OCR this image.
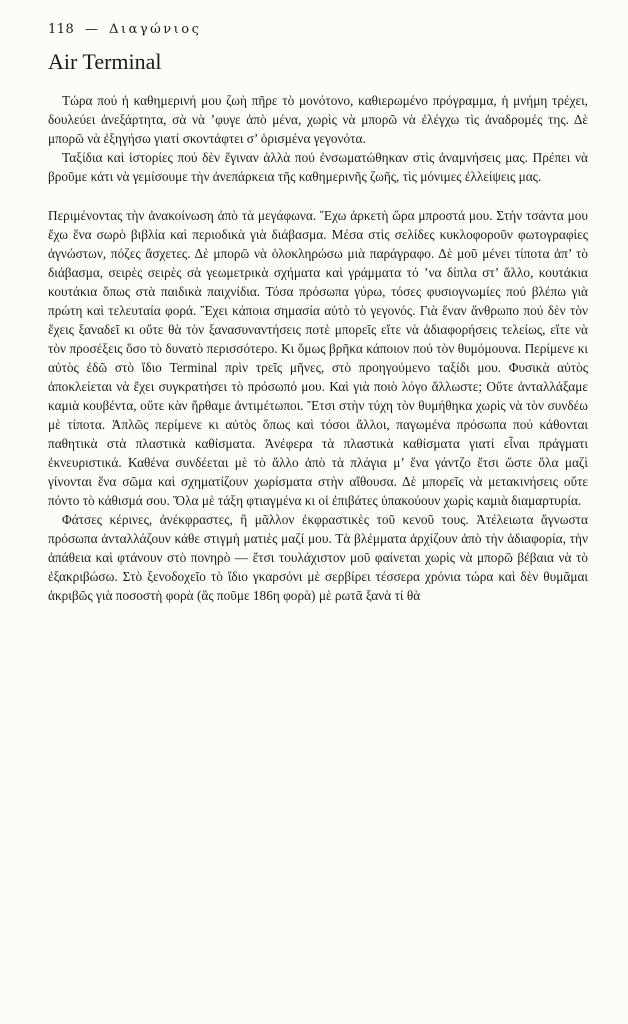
118 — Διαγώνιος
Air Terminal

Τώρα πού ἡ καθημερινή μου ζωὴ πῆρε τὸ μονότονο, καθιερωμένο πρόγραμμα, ἡ μνήμη τρέχει, δουλεύει ἀνεξάρτητα, σὰ νὰ ’φυγε ἀπὸ μένα, χωρὶς νὰ μπορῶ νὰ ἐλέγχω τὶς ἀναδρομές της. Δὲ μπορῶ νὰ ἐξηγήσω γιατί σκοντάφτει σ’ ὁρισμένα γεγονότα.

Ταξίδια καὶ ἱστορίες πού δὲν ἔγιναν ἀλλὰ πού ἐνσωματώθηκαν στὶς ἀναμνήσεις μας. Πρέπει νὰ βροῦμε κάτι νὰ γεμίσουμε τὴν ἀνεπάρκεια τῆς καθημερινῆς ζωῆς, τὶς μόνιμες ἐλλείψεις μας.

Περιμένοντας τὴν ἀνακοίνωση ἀπὸ τὰ μεγάφωνα. Ἔχω ἀρκετὴ ὥρα μπροστά μου. Στὴν τσάντα μου ἔχω ἕνα σωρὸ βιβλία καὶ περιοδικὰ γιὰ διάβασμα. Μέσα στὶς σελίδες κυκλοφοροῦν φωτογραφίες ἀγνώστων, πόζες ἄσχετες. Δὲ μπορῶ νὰ ὁλοκληρώσω μιὰ παράγραφο. Δὲ μοῦ μένει τίποτα ἀπ’ τὸ διάβασμα, σειρὲς σειρὲς σὰ γεωμετρικὰ σχήματα καὶ γράμματα τό ’να δίπλα στ’ ἄλλο, κουτάκια κουτάκια ὅπως στὰ παιδικὰ παιχνίδια. Τόσα πρόσωπα γύρω, τόσες φυσιογνωμίες πού βλέπω γιὰ πρώτη καὶ τελευταία φορά. Ἔχει κάποια σημασία αὐτὸ τὸ γεγονός. Γιὰ ἕναν ἄνθρωπο πού δὲν τὸν ἔχεις ξαναδεῖ κι οὔτε θὰ τὸν ξανασυναντήσεις ποτὲ μπορεῖς εἴτε νὰ ἀδιαφορήσεις τελείως, εἴτε νὰ τὸν προσέξεις ὅσο τὸ δυνατὸ περισσότερο. Κι ὅμως βρῆκα κάποιον πού τὸν θυμόμουνα. Περίμενε κι αὐτὸς ἐδῶ στὸ ἴδιο Terminal πρὶν τρεῖς μῆνες, στὸ προηγούμενο ταξίδι μου. Φυσικὰ αὐτὸς ἀποκλείεται νὰ ἔχει συγκρατήσει τὸ πρόσωπό μου. Καὶ γιὰ ποιὸ λόγο ἄλλωστε; Οὔτε ἀνταλλάξαμε καμιὰ κουβέντα, οὔτε κὰν ἤρθαμε ἀντιμέτωποι. Ἔτσι στὴν τύχη τὸν θυμήθηκα χωρὶς νὰ τὸν συνδέω μὲ τίποτα. Ἁπλῶς περίμενε κι αὐτὸς ὅπως καὶ τόσοι ἄλλοι, παγωμένα πρόσωπα πού κάθονται παθητικὰ στὰ πλαστικὰ καθίσματα. Ἀνέφερα τὰ πλαστικὰ καθίσματα γιατί εἶναι πράγματι ἐκνευριστικά. Καθένα συνδέεται μὲ τὸ ἄλλο ἀπὸ τὰ πλάγια μ’ ἕνα γάντζο ἔτσι ὥστε ὅλα μαζὶ γίνονται ἕνα σῶμα καὶ σχηματίζουν χωρίσματα στὴν αἴθουσα. Δὲ μπορεῖς νὰ μετακινήσεις οὔτε πόντο τὸ κάθισμά σου. Ὅλα μὲ τάξη φτιαγμένα κι οἱ ἐπιβάτες ὑπακούουν χωρὶς καμιὰ διαμαρτυρία.

Φάτσες κέρινες, ἀνέκφραστες, ἢ μᾶλλον ἐκφραστικὲς τοῦ κενοῦ τους. Ἀτέλειωτα ἄγνωστα πρόσωπα ἀνταλλάζουν κάθε στιγμὴ ματιὲς μαζί μου. Τὰ βλέμματα ἀρχίζουν ἀπὸ τὴν ἀδιαφορία, τὴν ἀπάθεια καὶ φτάνουν στὸ πονηρὸ — ἔτσι τουλάχιστον μοῦ φαίνεται χωρὶς νὰ μπορῶ βέβαια νὰ τὸ ἐξακριβώσω. Στὸ ξενοδοχεῖο τὸ ἴδιο γκαρσόνι μὲ σερβίρει τέσσερα χρόνια τώρα καὶ δὲν θυμᾶμαι ἀκριβῶς γιὰ ποσοστὴ φορὰ (ἃς ποῦμε 186η φορὰ) μὲ ρωτᾶ ξανὰ τί θὰ
